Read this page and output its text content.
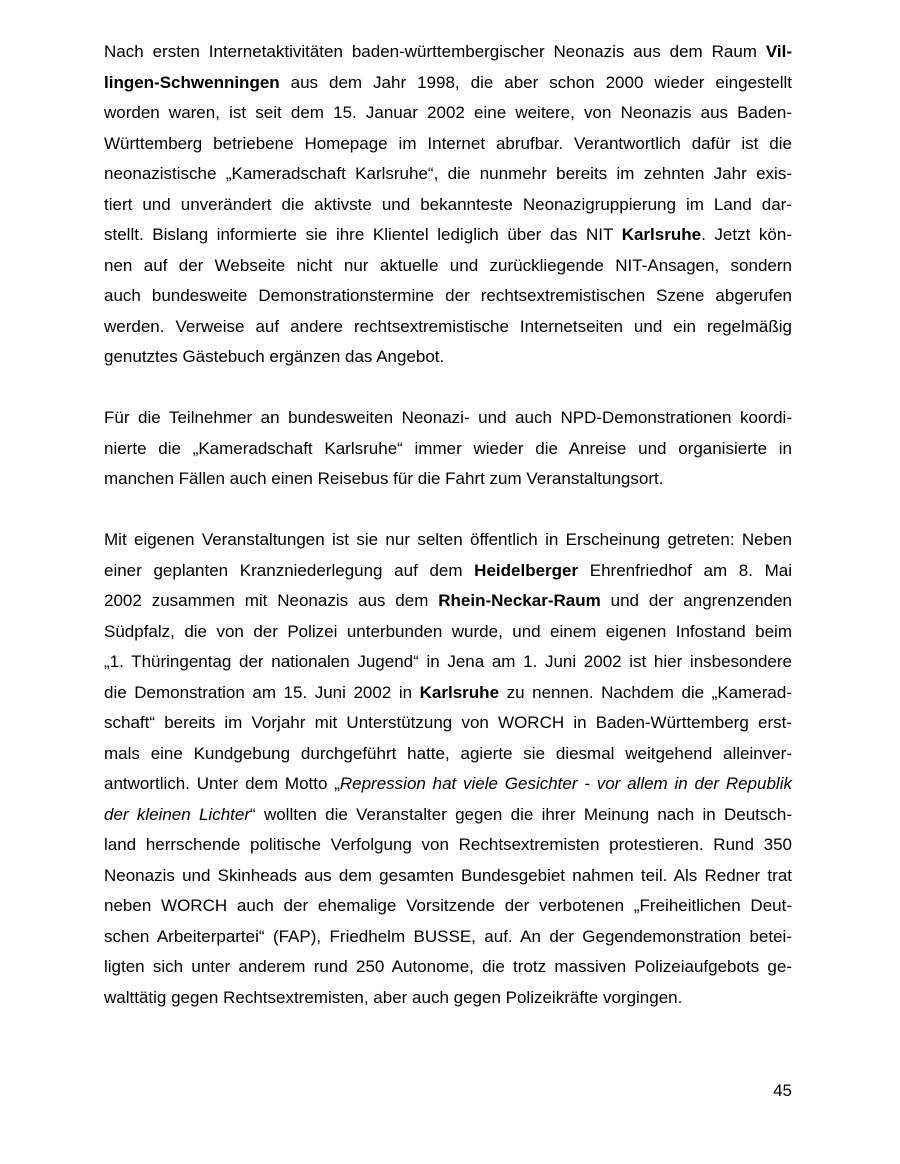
Nach ersten Internetaktivitäten baden-württembergischer Neonazis aus dem Raum Vil-
lingen-Schwenningen aus dem Jahr 1998, die aber schon 2000 wieder eingestellt
worden waren, ist seit dem 15. Januar 2002 eine weitere, von Neonazis aus Baden-
Württemberg betriebene Homepage im Internet abrufbar. Verantwortlich dafür ist die
neonazistische „Kameradschaft Karlsruhe“, die nunmehr bereits im zehnten Jahr exis-
tiert und unverändert die aktivste und bekannteste Neonazigruppierung im Land dar-
stellt. Bislang informierte sie ihre Klientel lediglich über das NIT Karlsruhe. Jetzt kön-
nen auf der Webseite nicht nur aktuelle und zurückliegende NIT-Ansagen, sondern
auch bundesweite Demonstrationstermine der rechtsextremistischen Szene abgerufen
werden. Verweise auf andere rechtsextremistische Internetseiten und ein regelmäßig
genutztes Gästebuch ergänzen das Angebot.
Für die Teilnehmer an bundesweiten Neonazi- und auch NPD-Demonstrationen koordi-
nierte die „Kameradschaft Karlsruhe“ immer wieder die Anreise und organisierte in
manchen Fällen auch einen Reisebus für die Fahrt zum Veranstaltungsort.
Mit eigenen Veranstaltungen ist sie nur selten öffentlich in Erscheinung getreten: Neben
einer geplanten Kranzniederlegung auf dem Heidelberger Ehrenfriedhof am 8. Mai
2002 zusammen mit Neonazis aus dem Rhein-Neckar-Raum und der angrenzenden
Südpfalz, die von der Polizei unterbunden wurde, und einem eigenen Infostand beim
„1. Thüringentag der nationalen Jugend“ in Jena am 1. Juni 2002 ist hier insbesondere
die Demonstration am 15. Juni 2002 in Karlsruhe zu nennen. Nachdem die „Kamerad-
schaft“ bereits im Vorjahr mit Unterstützung von WORCH in Baden-Württemberg erst-
mals eine Kundgebung durchgeführt hatte, agierte sie diesmal weitgehend alleinver-
antwortlich. Unter dem Motto „Repression hat viele Gesichter - vor allem in der Republik
der kleinen Lichter“ wollten die Veranstalter gegen die ihrer Meinung nach in Deutsch-
land herrschende politische Verfolgung von Rechtsextremisten protestieren. Rund 350
Neonazis und Skinheads aus dem gesamten Bundesgebiet nahmen teil. Als Redner trat
neben WORCH auch der ehemalige Vorsitzende der verbotenen „Freiheitlichen Deut-
schen Arbeiterpartei“ (FAP), Friedhelm BUSSE, auf. An der Gegendemonstration betei-
ligten sich unter anderem rund 250 Autonome, die trotz massiven Polizeiaufgebots ge-
walttätig gegen Rechtsextremisten, aber auch gegen Polizeikräfte vorgingen.
45
